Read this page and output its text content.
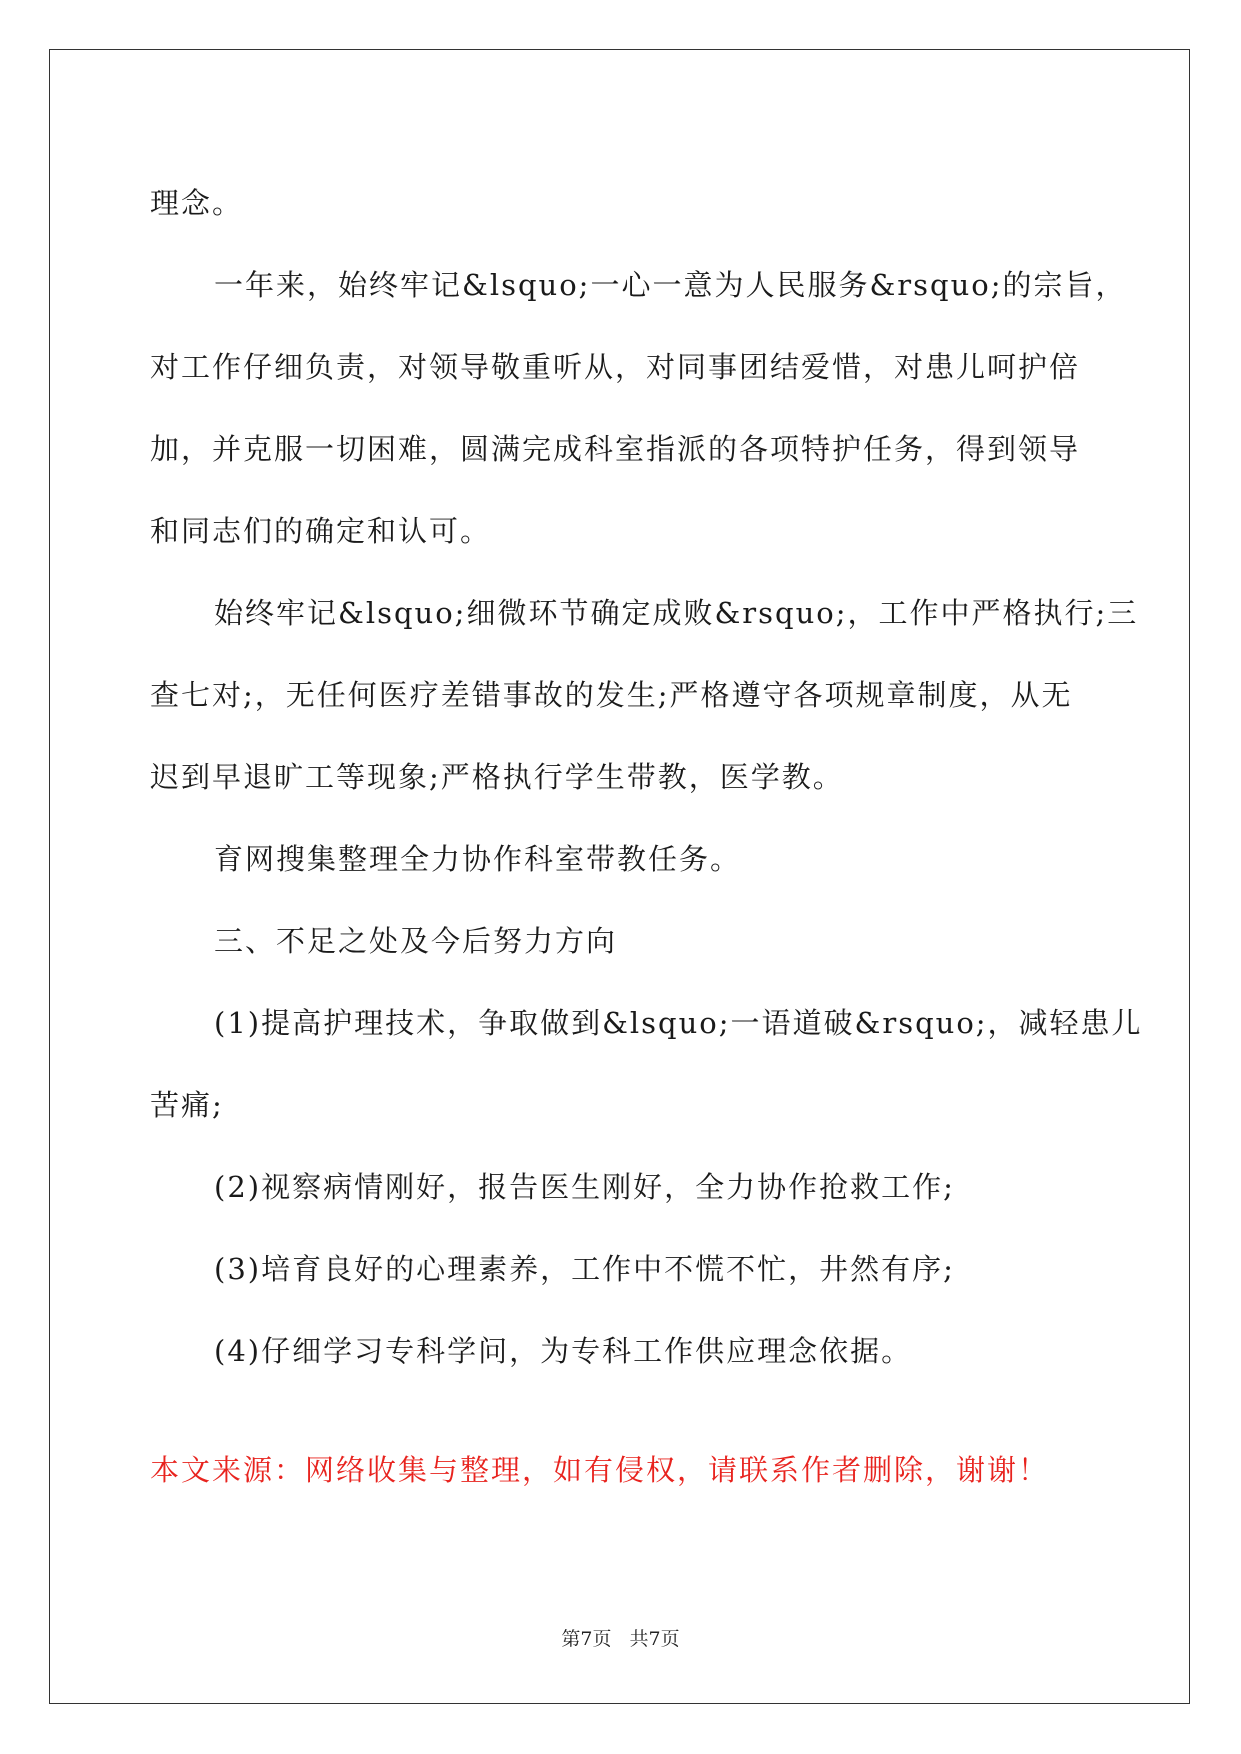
理念。
一年来，始终牢记&lsquo;一心一意为人民服务&rsquo;的宗旨，
对工作仔细负责，对领导敬重听从，对同事团结爱惜，对患儿呵护倍
加，并克服一切困难，圆满完成科室指派的各项特护任务，得到领导
和同志们的确定和认可。
始终牢记&lsquo;细微环节确定成败&rsquo;，工作中严格执行;三
查七对;，无任何医疗差错事故的发生;严格遵守各项规章制度，从无
迟到早退旷工等现象;严格执行学生带教，医学教。
育网搜集整理全力协作科室带教任务。
三、不足之处及今后努力方向
(1)提高护理技术，争取做到&lsquo;一语道破&rsquo;，减轻患儿
苦痛;
(2)视察病情刚好，报告医生刚好，全力协作抢救工作;
(3)培育良好的心理素养，工作中不慌不忙，井然有序;
(4)仔细学习专科学问，为专科工作供应理念依据。

本文来源：网络收集与整理，如有侵权，请联系作者删除，谢谢！
第7页 共7页
